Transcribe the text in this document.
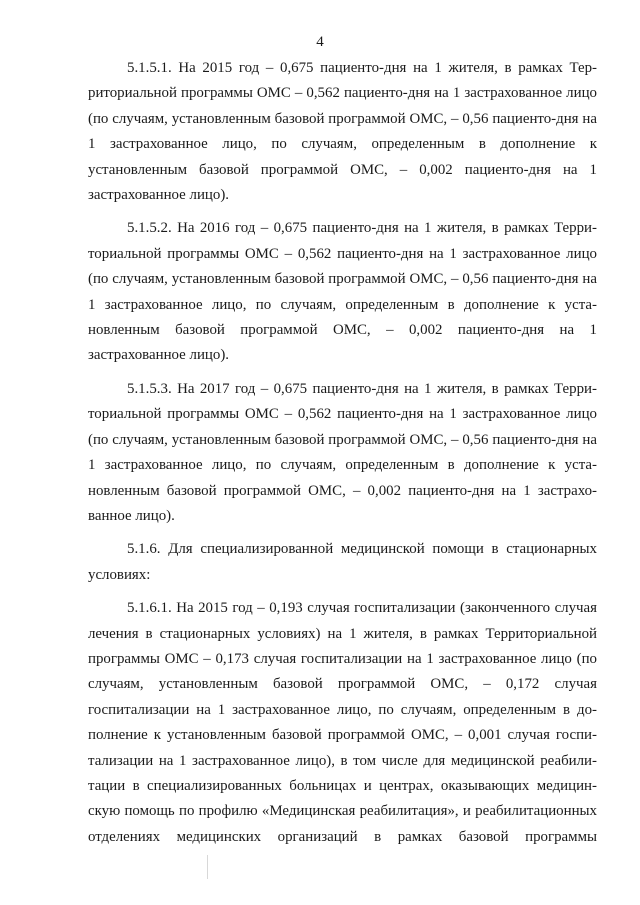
4

5.1.5.1. На 2015 год – 0,675 пациенто-дня на 1 жителя, в рамках Территориальной программы ОМС – 0,562 пациенто-дня на 1 застрахованное лицо (по случаям, установленным базовой программой ОМС, – 0,56 пациенто-дня на 1 застрахованное лицо, по случаям, определенным в дополнение к установленным базовой программой ОМС, – 0,002 пациенто-дня на 1 застрахованное лицо).

5.1.5.2. На 2016 год – 0,675 пациенто-дня на 1 жителя, в рамках Территориальной программы ОМС – 0,562 пациенто-дня на 1 застрахованное лицо (по случаям, установленным базовой программой ОМС, – 0,56 пациенто-дня на 1 застрахованное лицо, по случаям, определенным в дополнение к установленным базовой программой ОМС, – 0,002 пациенто-дня на 1 застрахованное лицо).

5.1.5.3. На 2017 год – 0,675 пациенто-дня на 1 жителя, в рамках Территориальной программы ОМС – 0,562 пациенто-дня на 1 застрахованное лицо (по случаям, установленным базовой программой ОМС, – 0,56 пациенто-дня на 1 застрахованное лицо, по случаям, определенным в дополнение к установленным базовой программой ОМС, – 0,002 пациенто-дня на 1 застрахованное лицо).

5.1.6. Для специализированной медицинской помощи в стационарных условиях:

5.1.6.1. На 2015 год – 0,193 случая госпитализации (законченного случая лечения в стационарных условиях) на 1 жителя, в рамках Территориальной программы ОМС – 0,173 случая госпитализации на 1 застрахованное лицо (по случаям, установленным базовой программой ОМС, – 0,172 случая госпитализации на 1 застрахованное лицо, по случаям, определенным в дополнение к установленным базовой программой ОМС, – 0,001 случая госпитализации на 1 застрахованное лицо), в том числе для медицинской реабилитации в специализированных больницах и центрах, оказывающих медицинскую помощь по профилю «Медицинская реабилитация», и реабилитационных отделениях медицинских организаций в рамках базовой программы
